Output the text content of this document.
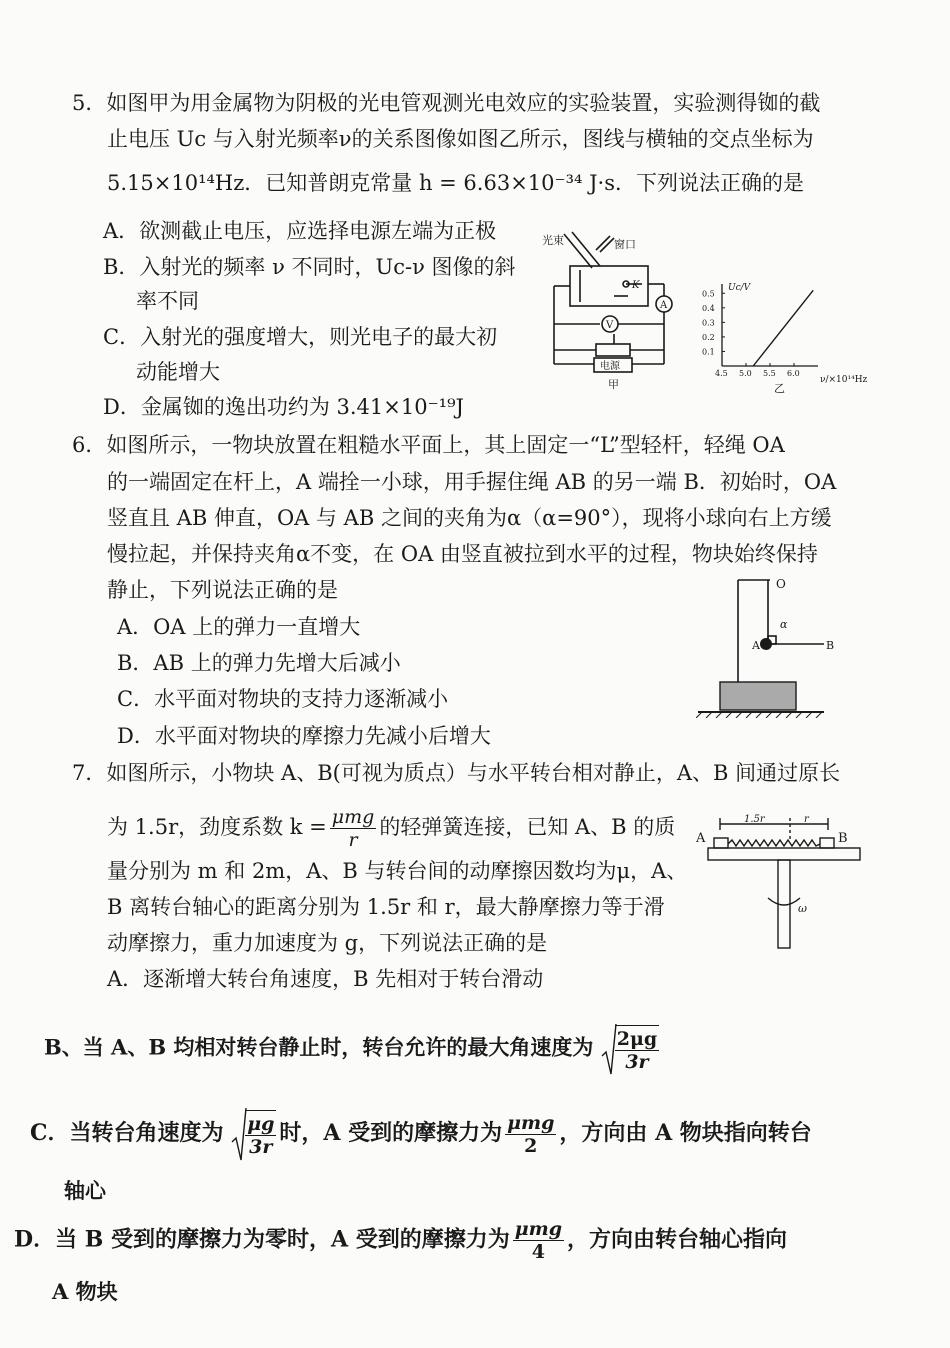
5．如图甲为用金属物为阴极的光电管观测光电效应的实验装置，实验测得铷的截
止电压 Uc 与入射光频率ν的关系图像如图乙所示，图线与横轴的交点坐标为
5.15×10¹⁴Hz．已知普朗克常量 h = 6.63×10⁻³⁴ J·s．下列说法正确的是
A．欲测截止电压，应选择电源左端为正极
B．入射光的频率 ν 不同时，Uc-ν 图像的斜
率不同
C．入射光的强度增大，则光电子的最大初
动能增大
D．金属铷的逸出功约为 3.41×10⁻¹⁹J
光束	窗口
K
A
V
电源
甲
Uc/V
ν/×10¹⁴Hz
乙
0.5
0.4
0.3
0.2
0.1
4.5 5.0 5.5 6.0
6．如图所示，一物块放置在粗糙水平面上，其上固定一“L”型轻杆，轻绳 OA
的一端固定在杆上，A 端拴一小球，用手握住绳 AB 的另一端 B．初始时，OA
竖直且 AB 伸直，OA 与 AB 之间的夹角为α（α=90°），现将小球向右上方缓
慢拉起，并保持夹角α不变，在 OA 由竖直被拉到水平的过程，物块始终保持
静止，下列说法正确的是
A．OA 上的弹力一直增大
B．AB 上的弹力先增大后减小
C．水平面对物块的支持力逐渐减小
D．水平面对物块的摩擦力先减小后增大
O
A	B
α
7．如图所示，小物块 A、B(可视为质点）与水平转台相对静止，A、B 间通过原长
为 1.5r，劲度系数 $k = \frac{\text{μmg}}{r}$ 的轻弹簧连接，已知 A、B 的质
量分别为 m 和 2m，A、B 与转台间的动摩擦因数均为μ，A、
B 离转台轴心的距离分别为 1.5r 和 r，最大静摩擦力等于滑
动摩擦力，重力加速度为 g，下列说法正确的是
A．逐渐增大转台角速度，B 先相对于转台滑动
A	B
1.5r	r
ω
B、当 A、B 均相对转台静止时，转台允许的最大角速度为 $\frac{2\mu g}{3r}$
C．当转台角速度为 $\frac{\mu g}{3r}$ 时，A 受到的摩擦力为 $\frac{\text{μmg}}{2}$ ，方向由 A 物块指向转台
轴心
D．当 B 受到的摩擦力为零时，A 受到的摩擦力为 $\frac{\text{μmg}}{4}$ ，方向由转台轴心指向
A 物块
